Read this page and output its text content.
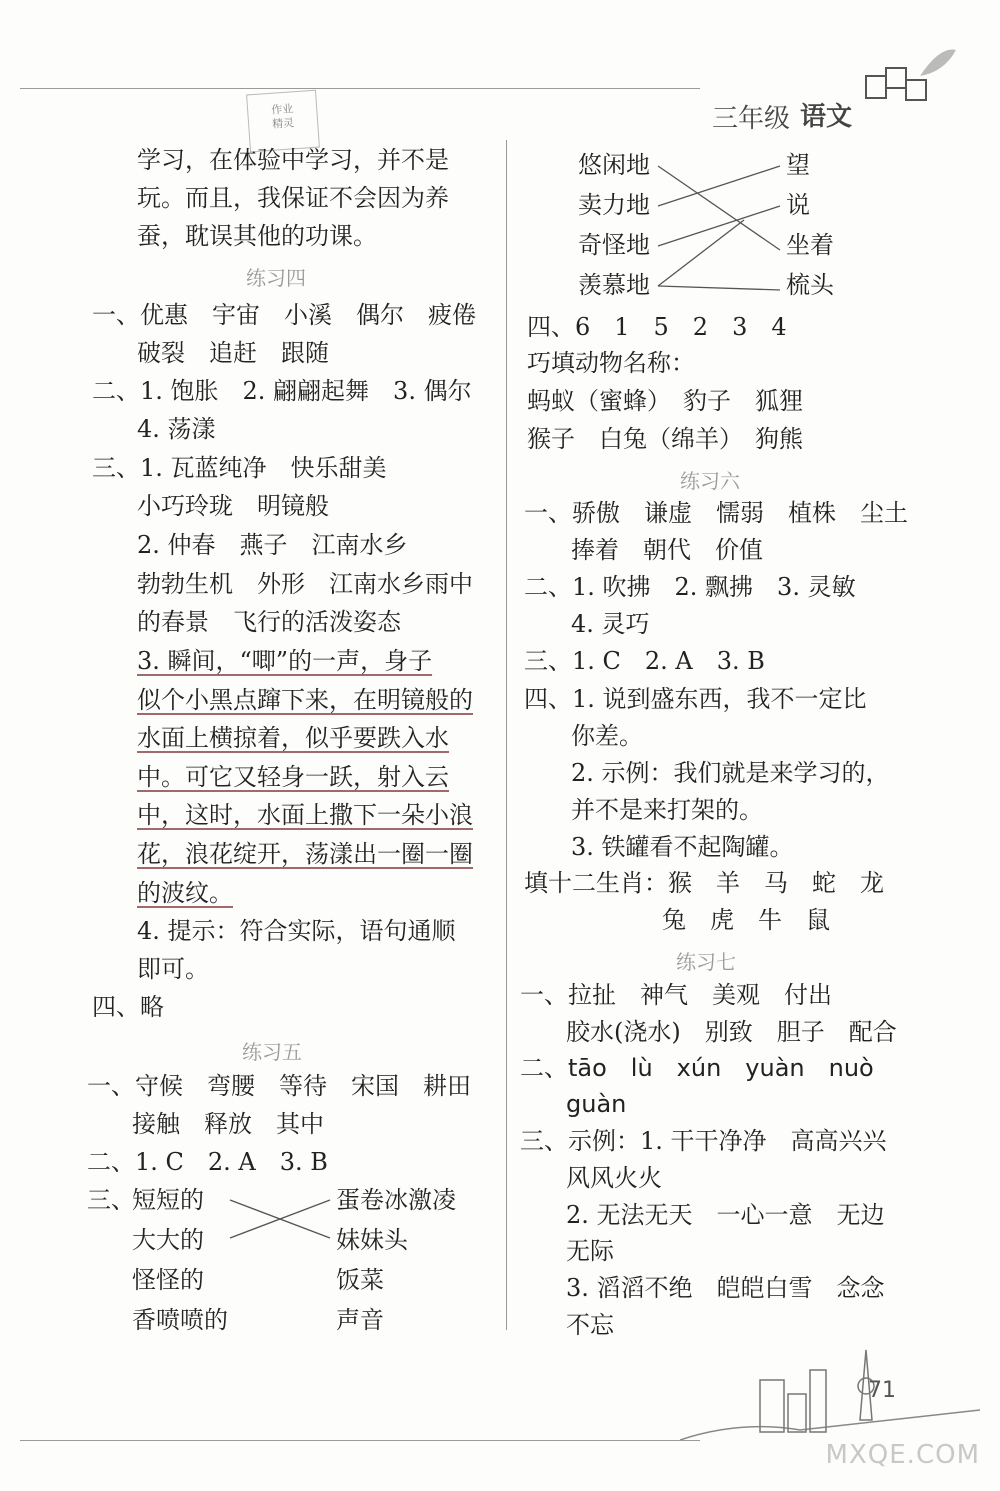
三年级 语文
作业精灵
学习，在体验中学习，并不是
玩。而且，我保证不会因为养
蚕，耽误其他的功课。
练习四
一、优惠　宇宙　小溪　偶尔　疲倦
破裂　追赶　跟随
二、1. 饱胀　2. 翩翩起舞　3. 偶尔
4. 荡漾
三、1. 瓦蓝纯净　快乐甜美
小巧玲珑　明镜般
2. 仲春　燕子　江南水乡
勃勃生机　外形　江南水乡雨中
的春景　飞行的活泼姿态
3. 瞬间，“唧”的一声，身子
似个小黑点蹿下来，在明镜般的
水面上横掠着，似乎要跌入水
中。可它又轻身一跃，射入云
中，这时，水面上撒下一朵小浪
花，浪花绽开，荡漾出一圈一圈
的波纹。
4. 提示：符合实际，语句通顺
即可。
四、略
练习五
一、守候　弯腰　等待　宋国　耕田
接触　释放　其中
二、1. C　2. A　3. B
三、
短短的
大大的
怪怪的
香喷喷的
蛋卷冰激凌
妹妹头
饭菜
声音
悠闲地
卖力地
奇怪地
羡慕地
望
说
坐着
梳头
四、6　1　5　2　3　4
巧填动物名称：
蚂蚁（蜜蜂）　豹子　狐狸
猴子　白兔（绵羊）　狗熊
练习六
一、骄傲　谦虚　懦弱　植株　尘土
捧着　朝代　价值
二、1. 吹拂　2. 飘拂　3. 灵敏
4. 灵巧
三、1. C　2. A　3. B
四、1. 说到盛东西，我不一定比
你差。
2. 示例：我们就是来学习的，
并不是来打架的。
3. 铁罐看不起陶罐。
填十二生肖：猴　羊　马　蛇　龙
兔　虎　牛　鼠
练习七
一、拉扯　神气　美观　付出
胶水(浇水)　别致　胆子　配合
二、tāo　lù　xún　yuàn　nuò
guàn
三、示例：1. 干干净净　高高兴兴
风风火火
2. 无法无天　一心一意　无边
无际
3. 滔滔不绝　皑皑白雪　念念
不忘
71
MXQE.COM
